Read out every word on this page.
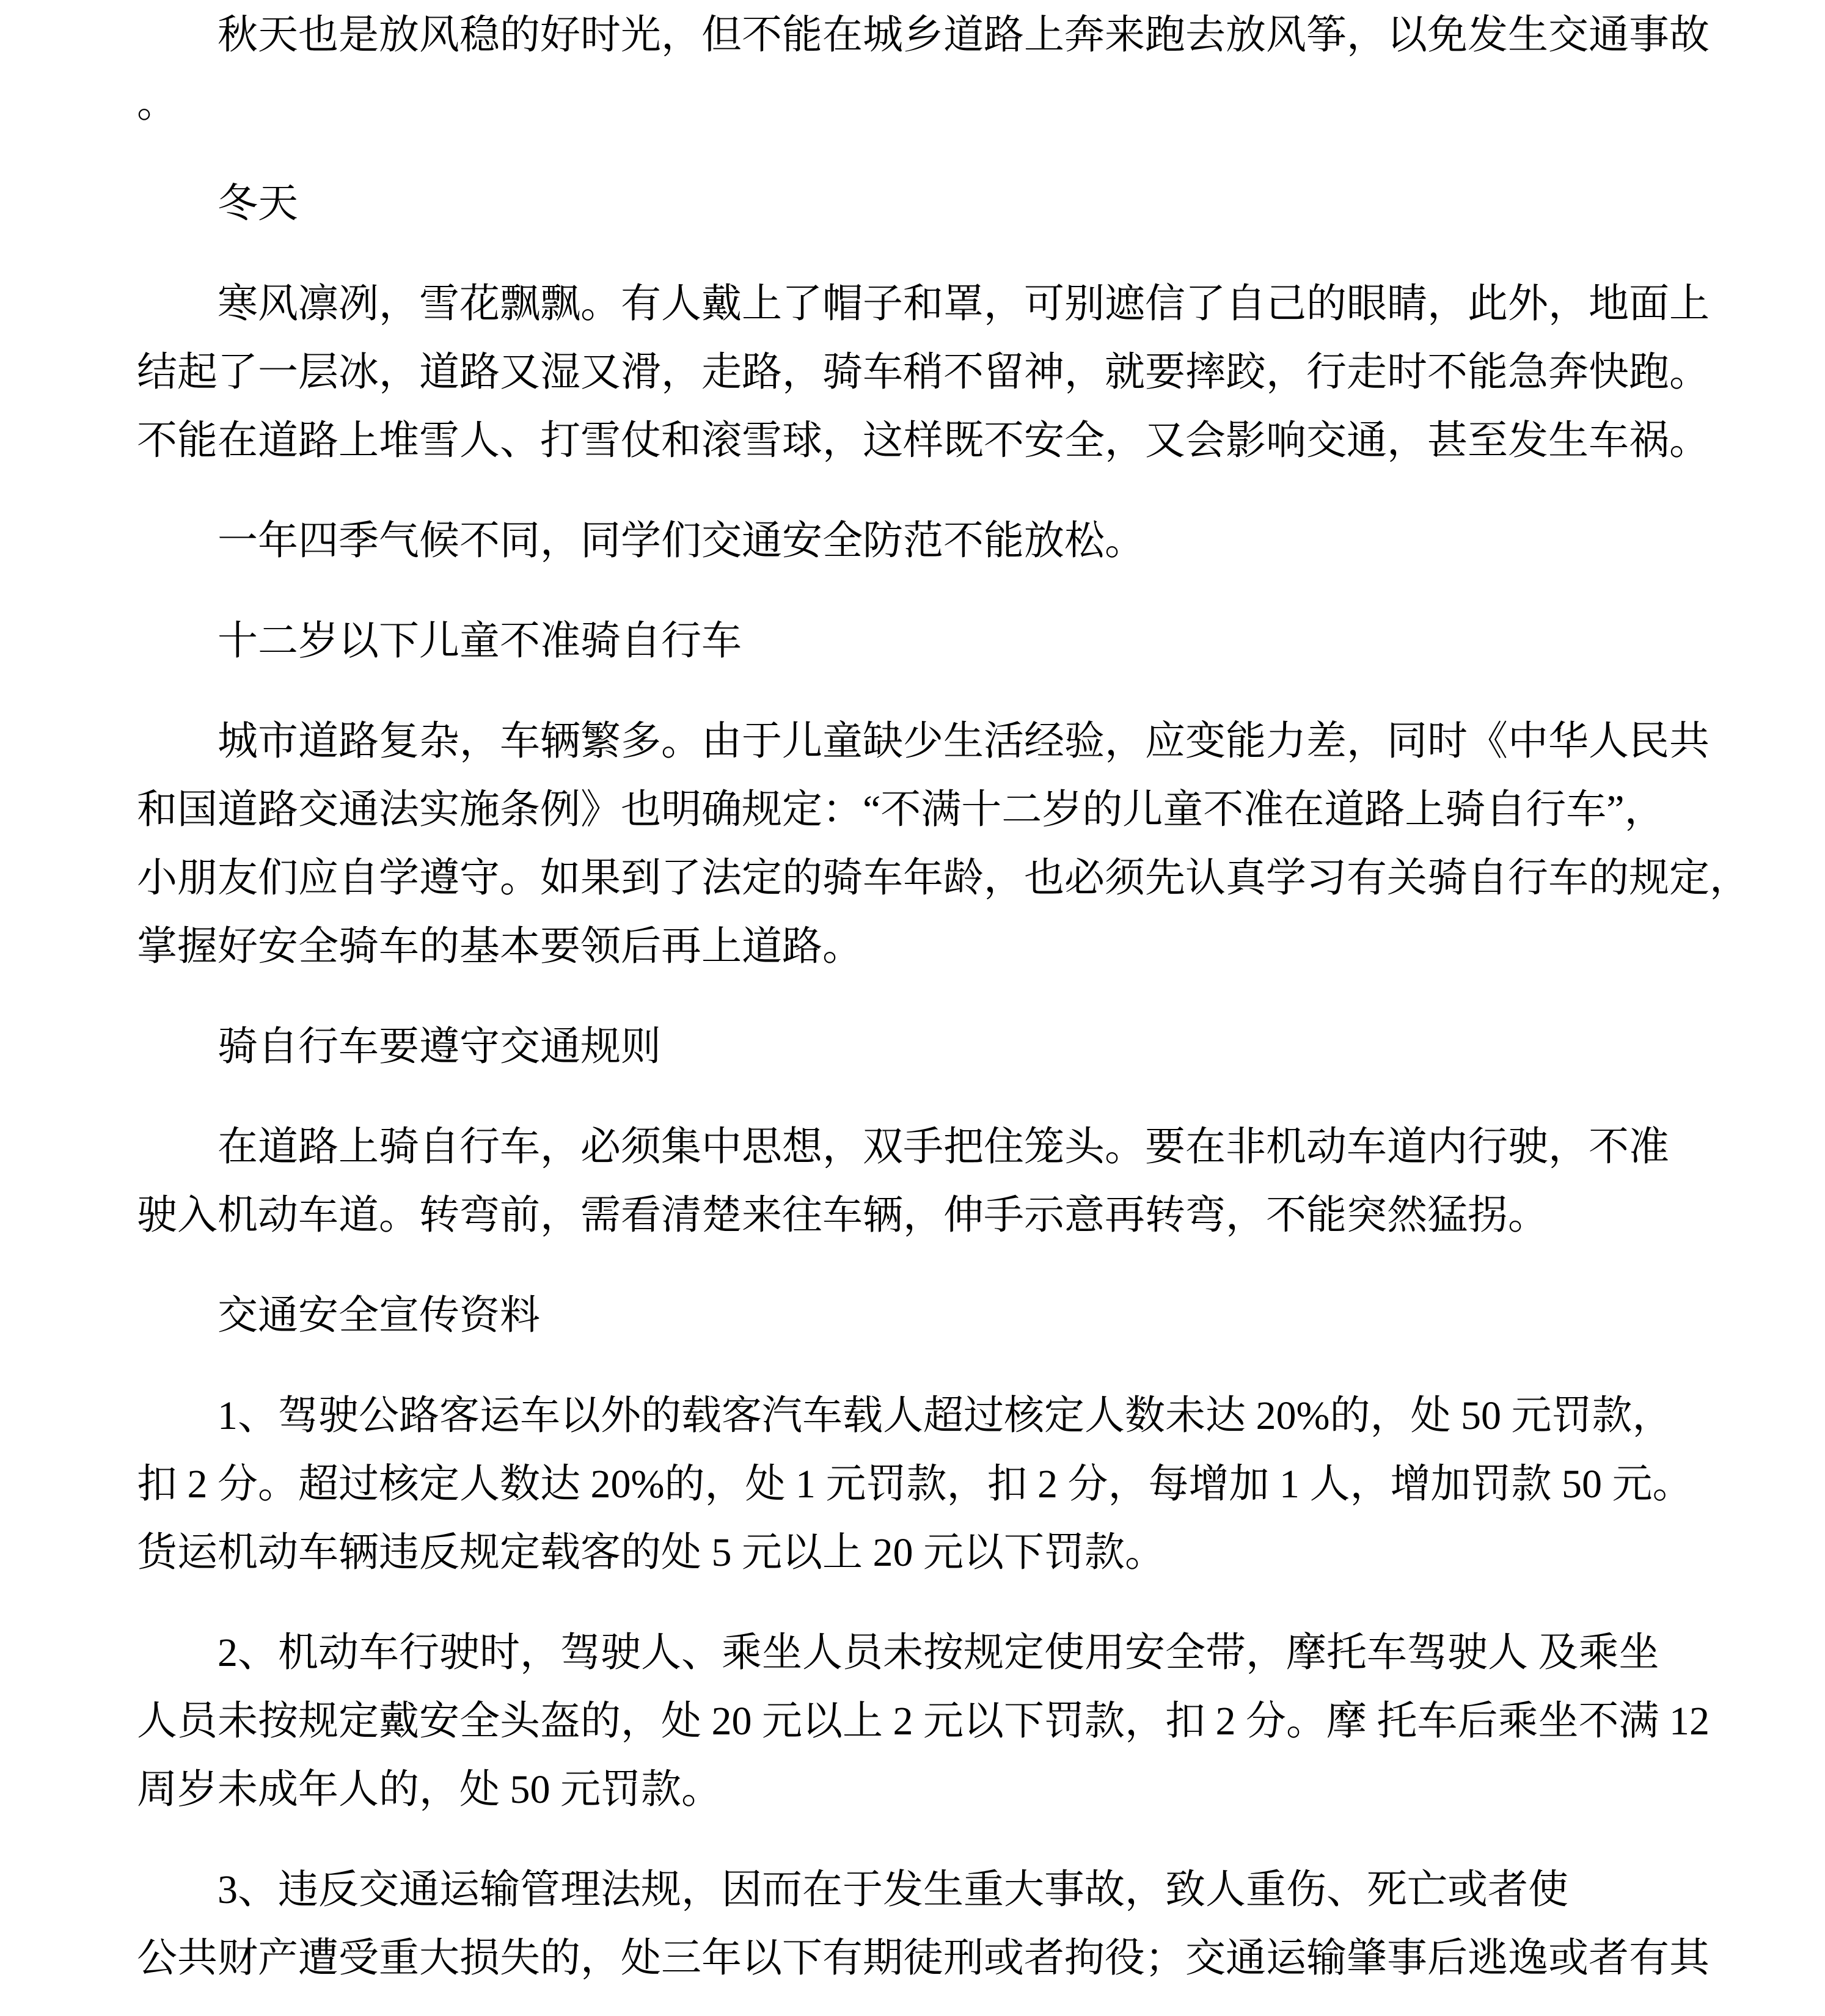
秋天也是放风稳的好时光，但不能在城乡道路上奔来跑去放风筝，以免发生交通事故
。
冬天
寒风凛冽，雪花飘飘。有人戴上了帽子和罩，可别遮信了自己的眼睛，此外，地面上
结起了一层冰，道路又湿又滑，走路，骑车稍不留神，就要摔跤，行走时不能急奔快跑。
不能在道路上堆雪人、打雪仗和滚雪球，这样既不安全，又会影响交通，甚至发生车祸。
一年四季气候不同，同学们交通安全防范不能放松。
十二岁以下儿童不准骑自行车
城市道路复杂，车辆繁多。由于儿童缺少生活经验，应变能力差，同时《中华人民共
和国道路交通法实施条例》也明确规定：“不满十二岁的儿童不准在道路上骑自行车”，
小朋友们应自学遵守。如果到了法定的骑车年龄，也必须先认真学习有关骑自行车的规定，
掌握好安全骑车的基本要领后再上道路。
骑自行车要遵守交通规则
在道路上骑自行车，必须集中思想，双手把住笼头。要在非机动车道内行驶，不准
驶入机动车道。转弯前，需看清楚来往车辆，伸手示意再转弯，不能突然猛拐。
交通安全宣传资料
1、驾驶公路客运车以外的载客汽车载人超过核定人数未达 20%的，处 50 元罚款，
扣 2 分。超过核定人数达 20%的，处 1 元罚款，扣 2 分，每增加 1 人，增加罚款 50 元。
货运机动车辆违反规定载客的处 5 元以上 20 元以下罚款。
2、机动车行驶时，驾驶人、乘坐人员未按规定使用安全带，摩托车驾驶人 及乘坐
人员未按规定戴安全头盔的，处 20 元以上 2 元以下罚款，扣 2 分。摩 托车后乘坐不满 12
周岁未成年人的，处 50 元罚款。
3、违反交通运输管理法规，因而在于发生重大事故，致人重伤、死亡或者使
公共财产遭受重大损失的，处三年以下有期徒刑或者拘役；交通运输肇事后逃逸或者有其
